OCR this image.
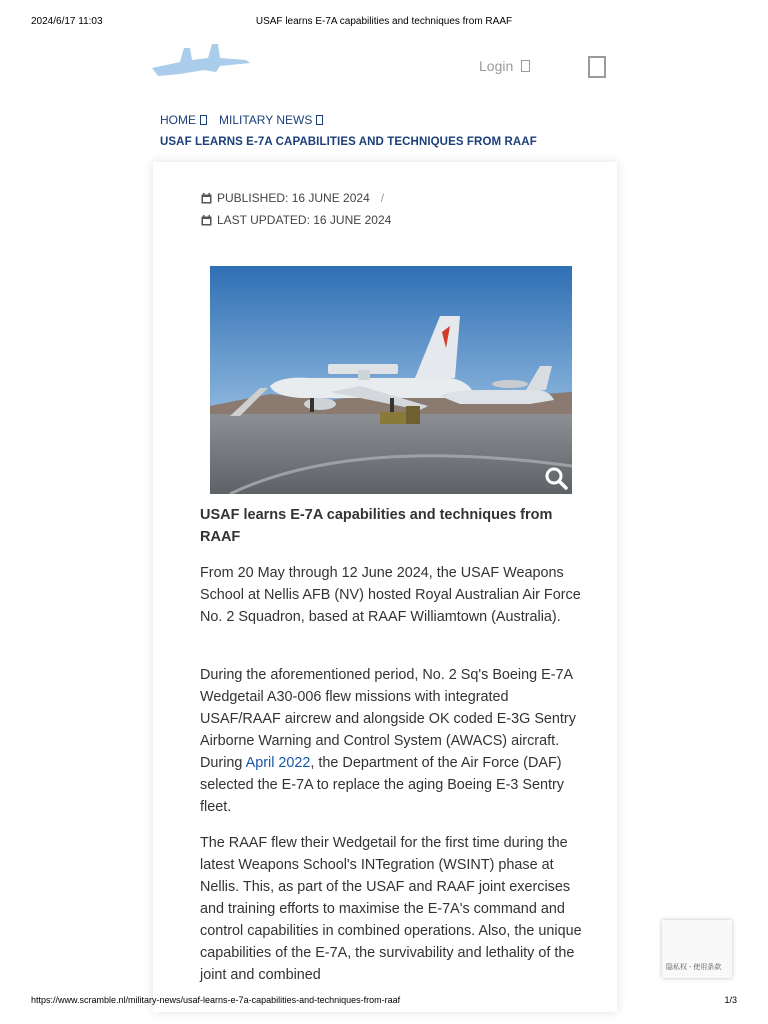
2024/6/17 11:03	USAF learns E-7A capabilities and techniques from RAAF
Login
HOME MILITARY NEWS
USAF LEARNS E-7A CAPABILITIES AND TECHNIQUES FROM RAAF
PUBLISHED: 16 JUNE 2024 /
LAST UPDATED: 16 JUNE 2024
USAF learns E-7A capabilities and techniques from RAAF
From 20 May through 12 June 2024, the USAF Weapons School at Nellis AFB (NV) hosted Royal Australian Air Force No. 2 Squadron, based at RAAF Williamtown (Australia).
During the aforementioned period, No. 2 Sq's Boeing E-7A Wedgetail A30-006 flew missions with integrated USAF/RAAF aircrew and alongside OK coded E-3G Sentry Airborne Warning and Control System (AWACS) aircraft. During April 2022, the Department of the Air Force (DAF) selected the E-7A to replace the aging Boeing E-3 Sentry fleet.
The RAAF flew their Wedgetail for the first time during the latest Weapons School's INTegration (WSINT) phase at Nellis. This, as part of the USAF and RAAF joint exercises and training efforts to maximise the E-7A's command and control capabilities in combined operations. Also, the unique capabilities of the E-7A, the survivability and lethality of the joint and combined	隐私权 - 使用条款
https://www.scramble.nl/military-news/usaf-learns-e-7a-capabilities-and-techniques-from-raaf	1/3
